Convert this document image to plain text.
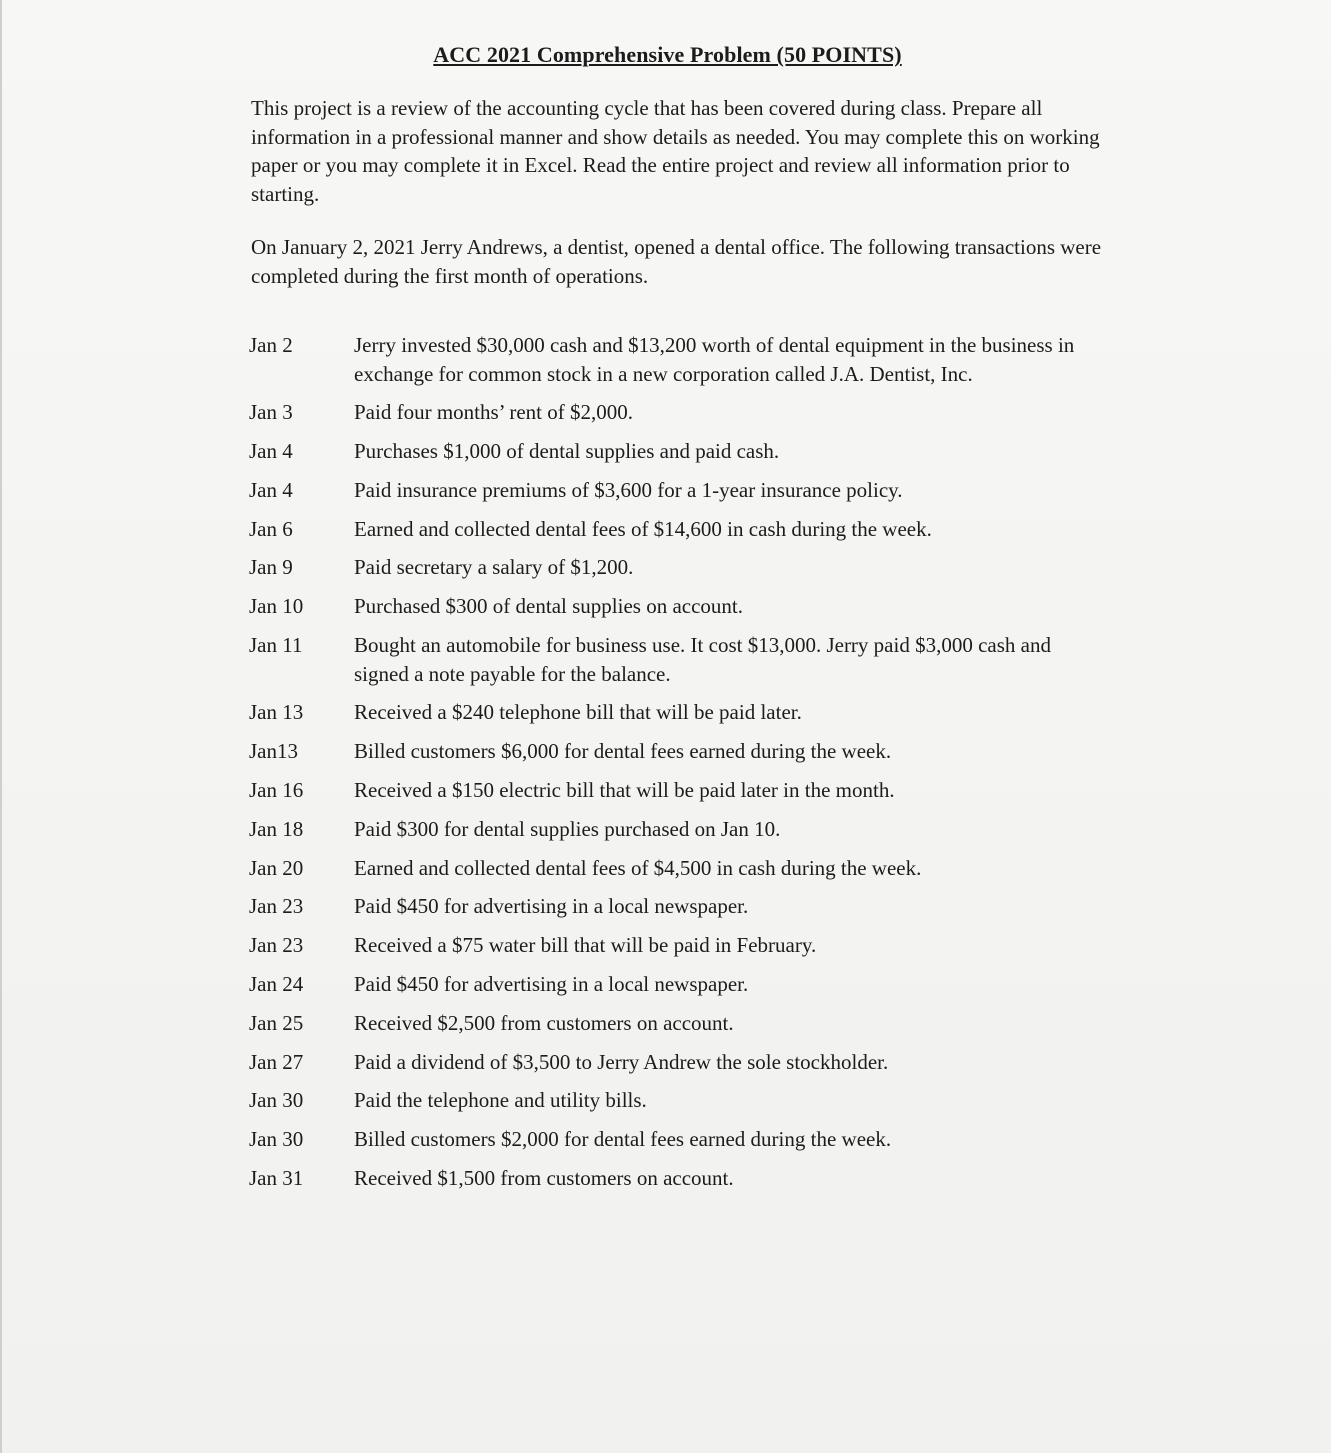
ACC 2021 Comprehensive Problem (50 POINTS)

This project is a review of the accounting cycle that has been covered during class. Prepare all information in a professional manner and show details as needed. You may complete this on working paper or you may complete it in Excel. Read the entire project and review all information prior to starting.

On January 2, 2021 Jerry Andrews, a dentist, opened a dental office. The following transactions were completed during the first month of operations.

Jan 2	Jerry invested $30,000 cash and $13,200 worth of dental equipment in the business in exchange for common stock in a new corporation called J.A. Dentist, Inc.
Jan 3	Paid four months’ rent of $2,000.
Jan 4	Purchases $1,000 of dental supplies and paid cash.
Jan 4	Paid insurance premiums of $3,600 for a 1-year insurance policy.
Jan 6	Earned and collected dental fees of $14,600 in cash during the week.
Jan 9	Paid secretary a salary of $1,200.
Jan 10	Purchased $300 of dental supplies on account.
Jan 11	Bought an automobile for business use. It cost $13,000. Jerry paid $3,000 cash and signed a note payable for the balance.
Jan 13	Received a $240 telephone bill that will be paid later.
Jan13	Billed customers $6,000 for dental fees earned during the week.
Jan 16	Received a $150 electric bill that will be paid later in the month.
Jan 18	Paid $300 for dental supplies purchased on Jan 10.
Jan 20	Earned and collected dental fees of $4,500 in cash during the week.
Jan 23	Paid $450 for advertising in a local newspaper.
Jan 23	Received a $75 water bill that will be paid in February.
Jan 24	Paid $450 for advertising in a local newspaper.
Jan 25	Received $2,500 from customers on account.
Jan 27	Paid a dividend of $3,500 to Jerry Andrew the sole stockholder.
Jan 30	Paid the telephone and utility bills.
Jan 30	Billed customers $2,000 for dental fees earned during the week.
Jan 31	Received $1,500 from customers on account.
